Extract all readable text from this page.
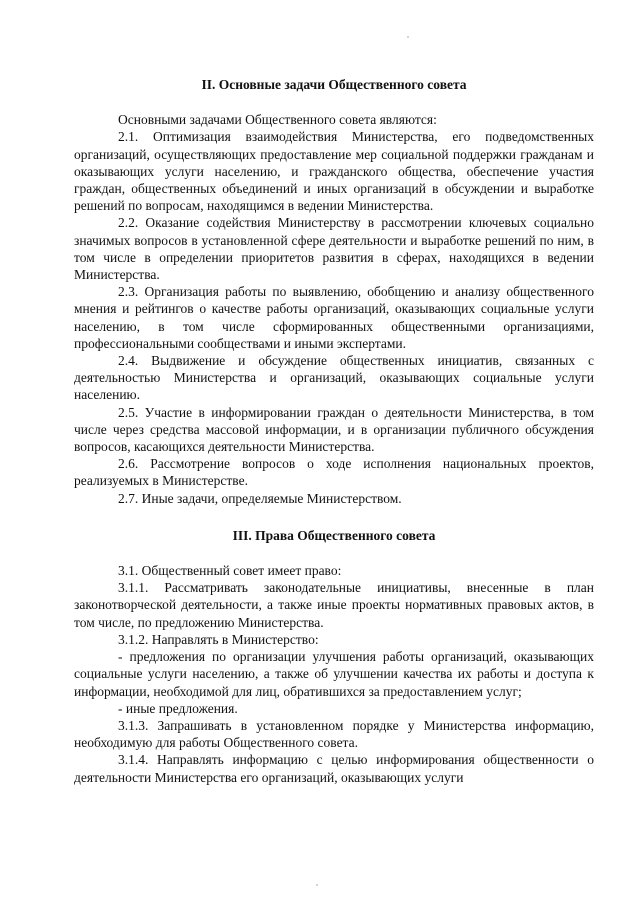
II. Основные задачи Общественного совета

Основными задачами Общественного совета являются:

2.1. Оптимизация взаимодействия Министерства, его подведомственных организаций, осуществляющих предоставление мер социальной поддержки гражданам и оказывающих услуги населению, и гражданского общества, обеспечение участия граждан, общественных объединений и иных организаций в обсуждении и выработке решений по вопросам, находящимся в ведении Министерства.

2.2. Оказание содействия Министерству в рассмотрении ключевых социально значимых вопросов в установленной сфере деятельности и выработке решений по ним, в том числе в определении приоритетов развития в сферах, находящихся в ведении Министерства.

2.3. Организация работы по выявлению, обобщению и анализу общественного мнения и рейтингов о качестве работы организаций, оказывающих социальные услуги населению, в том числе сформированных общественными организациями, профессиональными сообществами и иными экспертами.

2.4. Выдвижение и обсуждение общественных инициатив, связанных с деятельностью Министерства и организаций, оказывающих социальные услуги населению.

2.5. Участие в информировании граждан о деятельности Министерства, в том числе через средства массовой информации, и в организации публичного обсуждения вопросов, касающихся деятельности Министерства.

2.6. Рассмотрение вопросов о ходе исполнения национальных проектов, реализуемых в Министерстве.

2.7. Иные задачи, определяемые Министерством.

III. Права Общественного совета

3.1. Общественный совет имеет право:

3.1.1. Рассматривать законодательные инициативы, внесенные в план законотворческой деятельности, а также иные проекты нормативных правовых актов, в том числе, по предложению Министерства.

3.1.2. Направлять в Министерство:

- предложения по организации улучшения работы организаций, оказывающих социальные услуги населению, а также об улучшении качества их работы и доступа к информации, необходимой для лиц, обратившихся за предоставлением услуг;

- иные предложения.

3.1.3. Запрашивать в установленном порядке у Министерства информацию, необходимую для работы Общественного совета.

3.1.4. Направлять информацию с целью информирования общественности о деятельности Министерства его организаций, оказывающих услуги
